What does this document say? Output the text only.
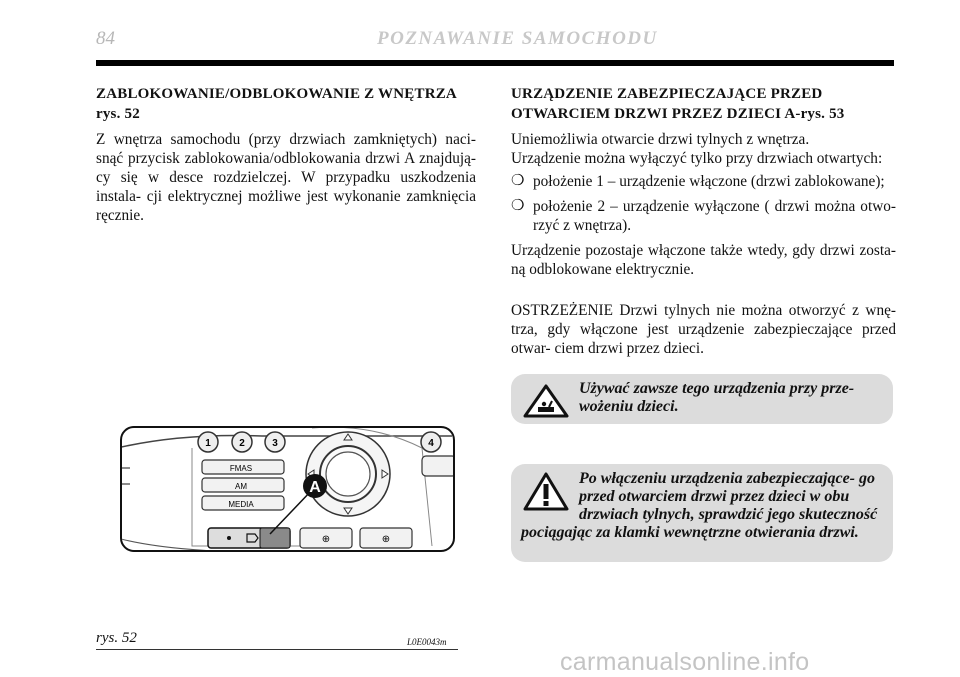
84	POZNAWANIE SAMOCHODU
ZABLOKOWANIE/ODBLOKOWANIE Z WNĘTRZA
rys. 52

Z wnętrza samochodu (przy drzwiach zamkniętych) naci- snąć przycisk zablokowania/odblokowania drzwi A znajdują- cy się w desce rozdzielczej. W przypadku uszkodzenia instala- cji elektrycznej możliwe jest wykonanie zamknięcia ręcznie.

URZĄDZENIE ZABEZPIECZAJĄCE PRZED
OTWARCIEM DRZWI PRZEZ DZIECI A-rys. 53

Uniemożliwia otwarcie drzwi tylnych z wnętrza.

Urządzenie można wyłączyć tylko przy drzwiach otwartych:

❍ położenie 1 – urządzenie włączone (drzwi zablokowane);
❍ położenie 2 – urządzenie wyłączone ( drzwi można otwo- rzyć z wnętrza).

Urządzenie pozostaje włączone także wtedy, gdy drzwi zosta- ną odblokowane elektrycznie.

OSTRZEŻENIE Drzwi tylnych nie można otworzyć z wnę- trza, gdy włączone jest urządzenie zabezpieczające przed otwar- ciem drzwi przez dzieci.

Używać zawsze tego urządzenia przy prze- wożeniu dzieci.
Po włączeniu urządzenia zabezpieczające- go przed otwarciem drzwi przez dzieci w obu drzwiach tylnych, sprawdzić jego skuteczność pociągając za klamki wewnętrzne otwierania drzwi.
1	2	3	4
FMAS
AM
MEDIA
⊕	⊕
A
rys. 52	L0E0043m
carmanualsonline.info
